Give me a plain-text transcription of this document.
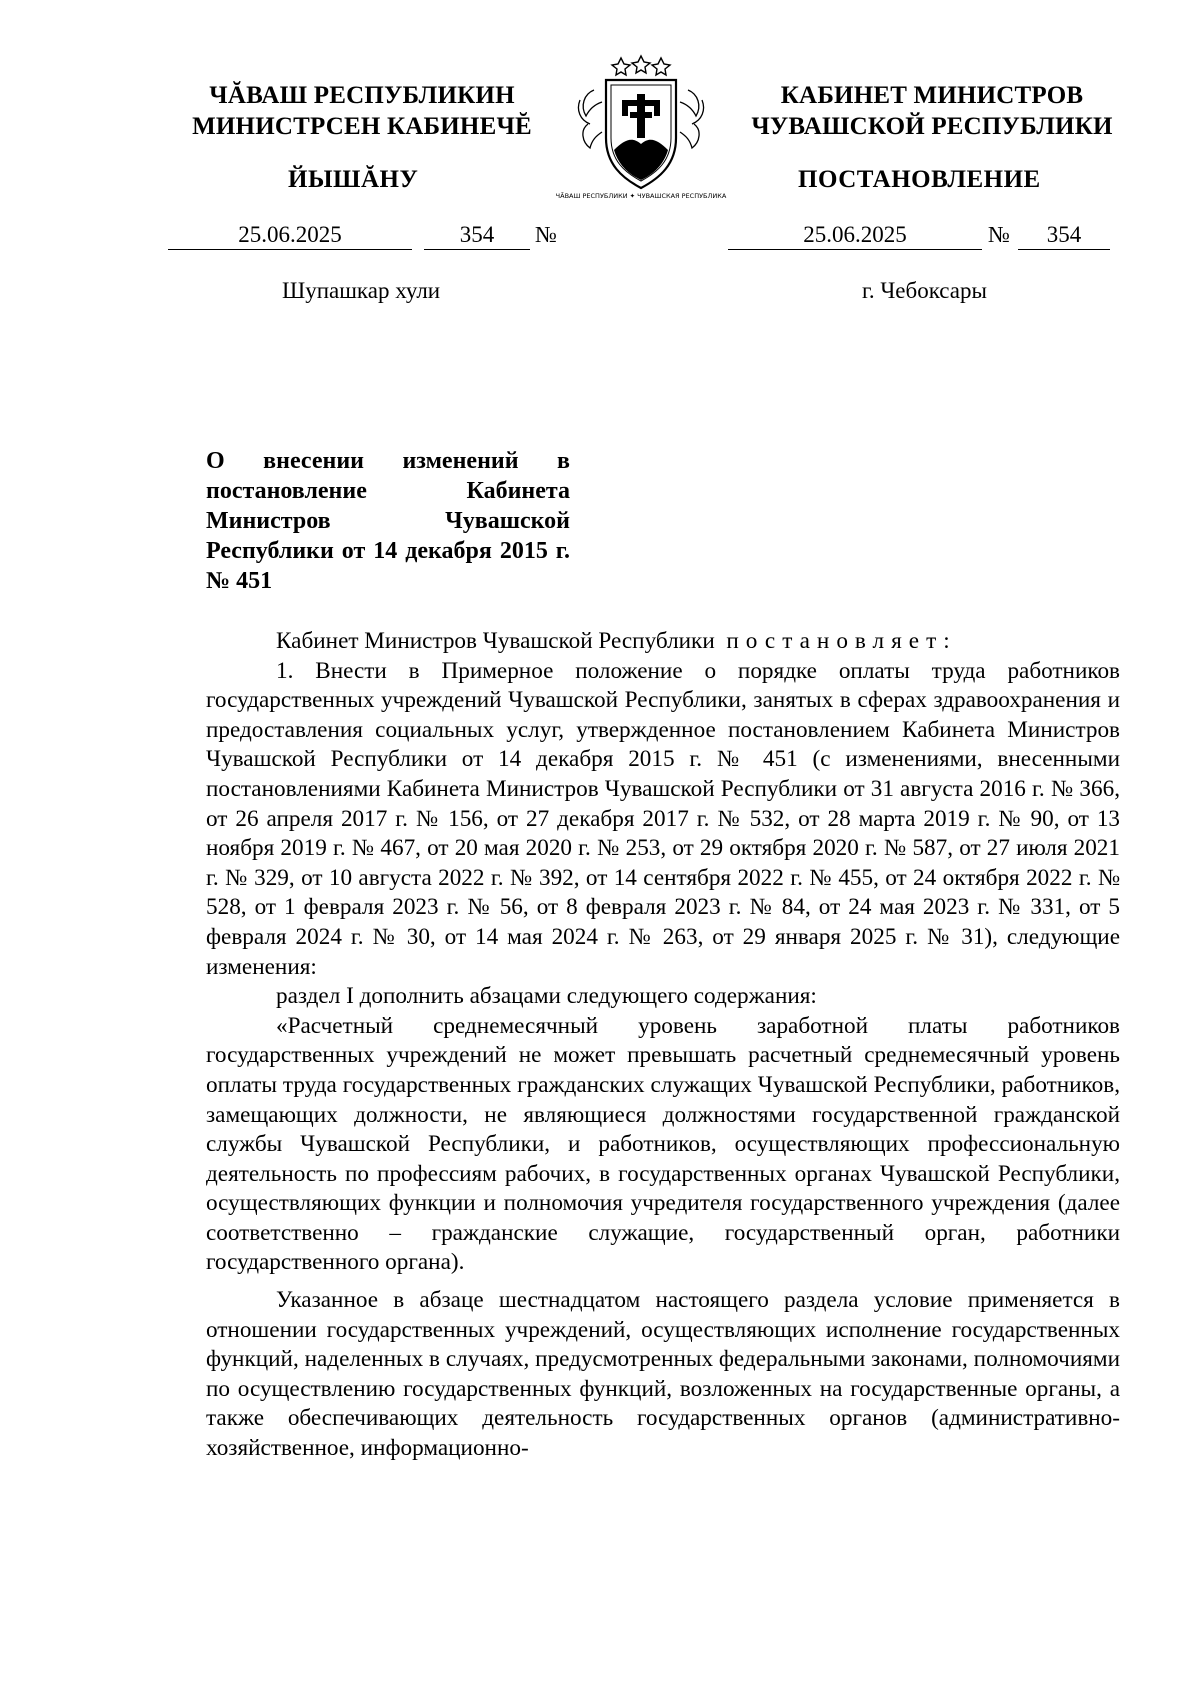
ЧĂВАШ РЕСПУБЛИКИН
МИНИСТРСЕН КАБИНЕЧĔ
ЙЫШĂНУ
ЧĂВАШ РЕСПУБЛИКИ ✦ ЧУВАШСКАЯ РЕСПУБЛИКА
КАБИНЕТ МИНИСТРОВ
ЧУВАШСКОЙ РЕСПУБЛИКИ
ПОСТАНОВЛЕНИЕ
25.06.2025	354	№	25.06.2025	№	354
Шупашкар хули	г. Чебоксары
О внесении изменений в постановление Кабинета Министров Чувашской Республики от 14 декабря 2015 г. № 451

Кабинет Министров Чувашской Республики постановляет:

1. Внести в Примерное положение о порядке оплаты труда работников государственных учреждений Чувашской Республики, занятых в сферах здравоохранения и предоставления социальных услуг, утвержденное постановлением Кабинета Министров Чувашской Республики от 14 декабря 2015 г. № 451 (с изменениями, внесенными постановлениями Кабинета Министров Чувашской Республики от 31 августа 2016 г. № 366, от 26 апреля 2017 г. № 156, от 27 декабря 2017 г. № 532, от 28 марта 2019 г. № 90, от 13 ноября 2019 г. № 467, от 20 мая 2020 г. № 253, от 29 октября 2020 г. № 587, от 27 июля 2021 г. № 329, от 10 августа 2022 г. № 392, от 14 сентября 2022 г. № 455, от 24 октября 2022 г. № 528, от 1 февраля 2023 г. № 56, от 8 февраля 2023 г. № 84, от 24 мая 2023 г. № 331, от 5 февраля 2024 г. № 30, от 14 мая 2024 г. № 263, от 29 января 2025 г. № 31), следующие изменения:

раздел I дополнить абзацами следующего содержания:

«Расчетный среднемесячный уровень заработной платы работников государственных учреждений не может превышать расчетный среднемесячный уровень оплаты труда государственных гражданских служащих Чувашской Республики, работников, замещающих должности, не являющиеся должностями государственной гражданской службы Чувашской Республики, и работников, осуществляющих профессиональную деятельность по профессиям рабочих, в государственных органах Чувашской Республики, осуществляющих функции и полномочия учредителя государственного учреждения (далее соответственно – гражданские служащие, государственный орган, работники государственного органа).

Указанное в абзаце шестнадцатом настоящего раздела условие применяется в отношении государственных учреждений, осуществляющих исполнение государственных функций, наделенных в случаях, предусмотренных федеральными законами, полномочиями по осуществлению государственных функций, возложенных на государственные органы, а также обеспечивающих деятельность государственных органов (административно-хозяйственное, информационно-
